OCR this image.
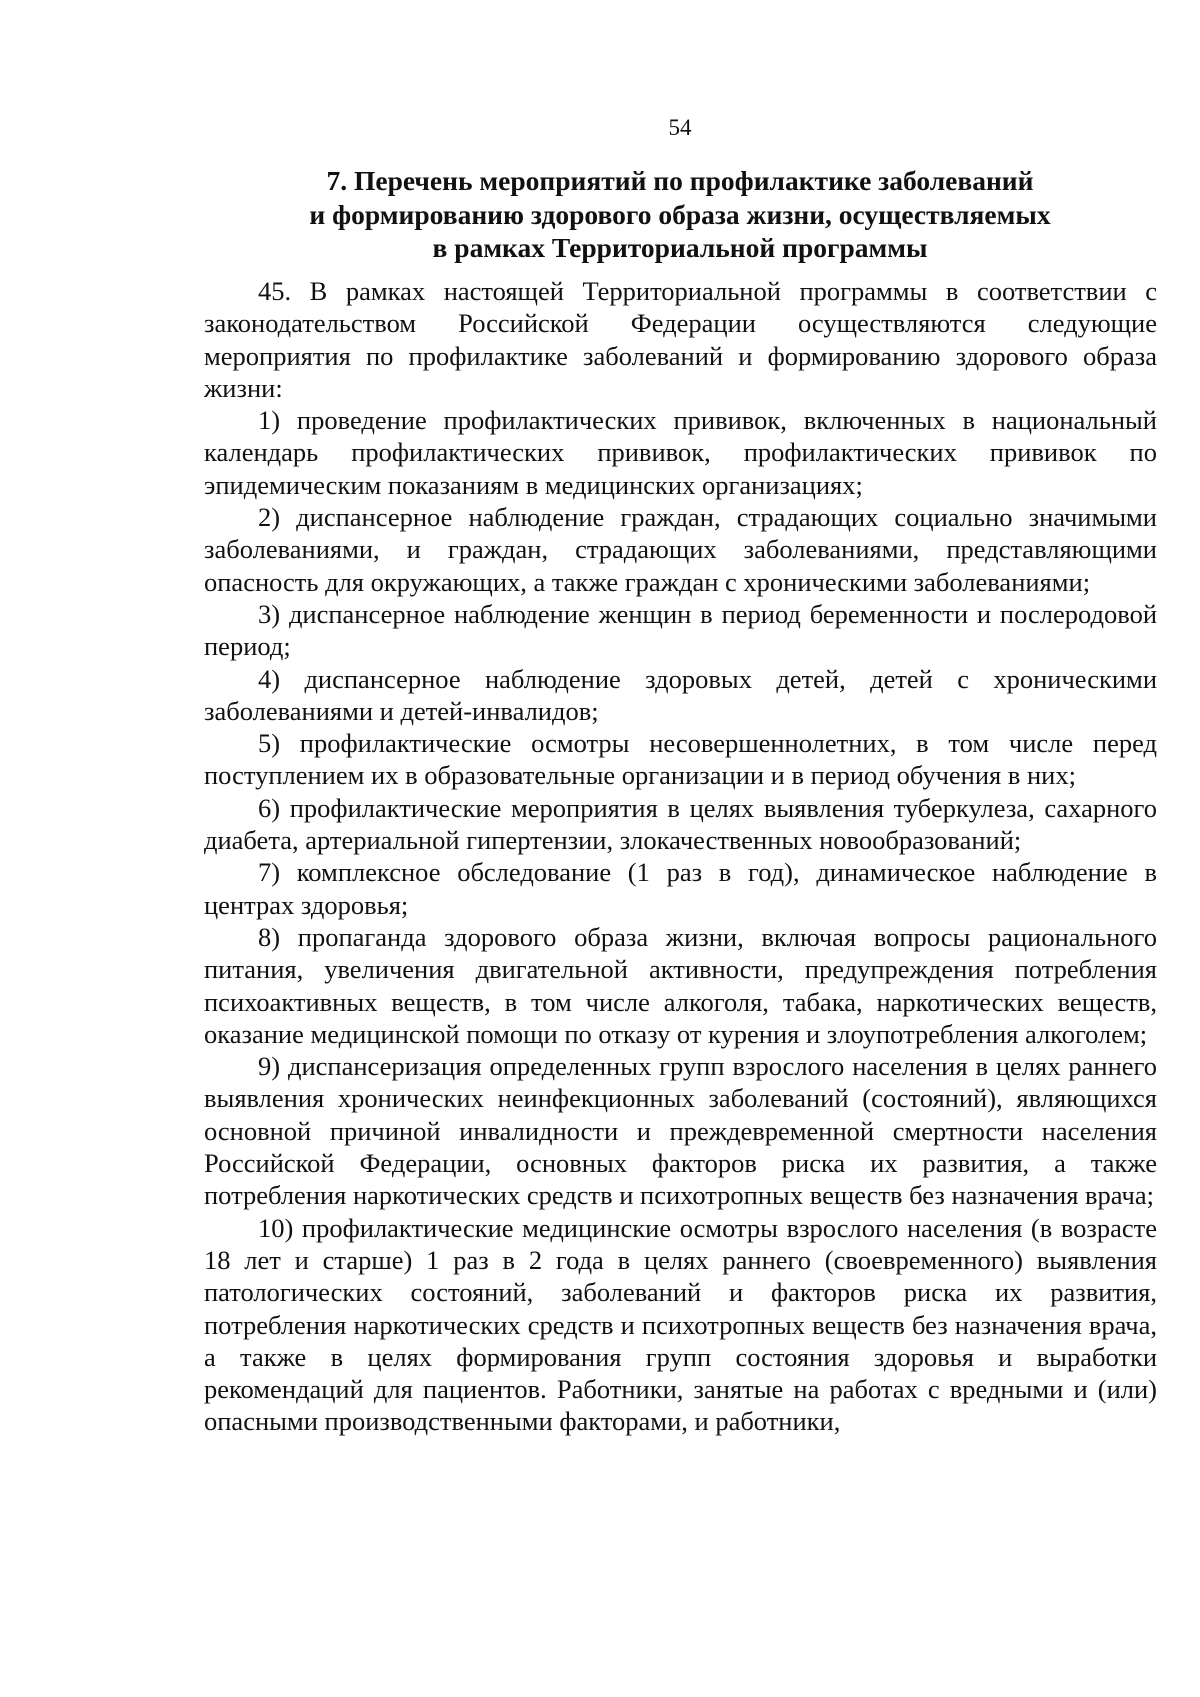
54
7. Перечень мероприятий по профилактике заболеваний
и формированию здорового образа жизни, осуществляемых
в рамках Территориальной программы

45. В рамках настоящей Территориальной программы в соответствии с законодательством Российской Федерации осуществляются следующие мероприятия по профилактике заболеваний и формированию здорового образа жизни:

1) проведение профилактических прививок, включенных в национальный календарь профилактических прививок, профилактических прививок по эпидемическим показаниям в медицинских организациях;

2) диспансерное наблюдение граждан, страдающих социально значимыми заболеваниями, и граждан, страдающих заболеваниями, представляющими опасность для окружающих, а также граждан с хроническими заболеваниями;

3) диспансерное наблюдение женщин в период беременности и послеродовой период;

4) диспансерное наблюдение здоровых детей, детей с хроническими заболеваниями и детей-инвалидов;

5) профилактические осмотры несовершеннолетних, в том числе перед поступлением их в образовательные организации и в период обучения в них;

6) профилактические мероприятия в целях выявления туберкулеза, сахарного диабета, артериальной гипертензии, злокачественных новообразований;

7) комплексное обследование (1 раз в год), динамическое наблюдение в центрах здоровья;

8) пропаганда здорового образа жизни, включая вопросы рационального питания, увеличения двигательной активности, предупреждения потребления психоактивных веществ, в том числе алкоголя, табака, наркотических веществ, оказание медицинской помощи по отказу от курения и злоупотребления алкоголем;

9) диспансеризация определенных групп взрослого населения в целях раннего выявления хронических неинфекционных заболеваний (состояний), являющихся основной причиной инвалидности и преждевременной смертности населения Российской Федерации, основных факторов риска их развития, а также потребления наркотических средств и психотропных веществ без назначения врача;

10) профилактические медицинские осмотры взрослого населения (в возрасте 18 лет и старше) 1 раз в 2 года в целях раннего (своевременного) выявления патологических состояний, заболеваний и факторов риска их развития, потребления наркотических средств и психотропных веществ без назначения врача, а также в целях формирования групп состояния здоровья и выработки рекомендаций для пациентов. Работники, занятые на работах с вредными и (или) опасными производственными факторами, и работники,
